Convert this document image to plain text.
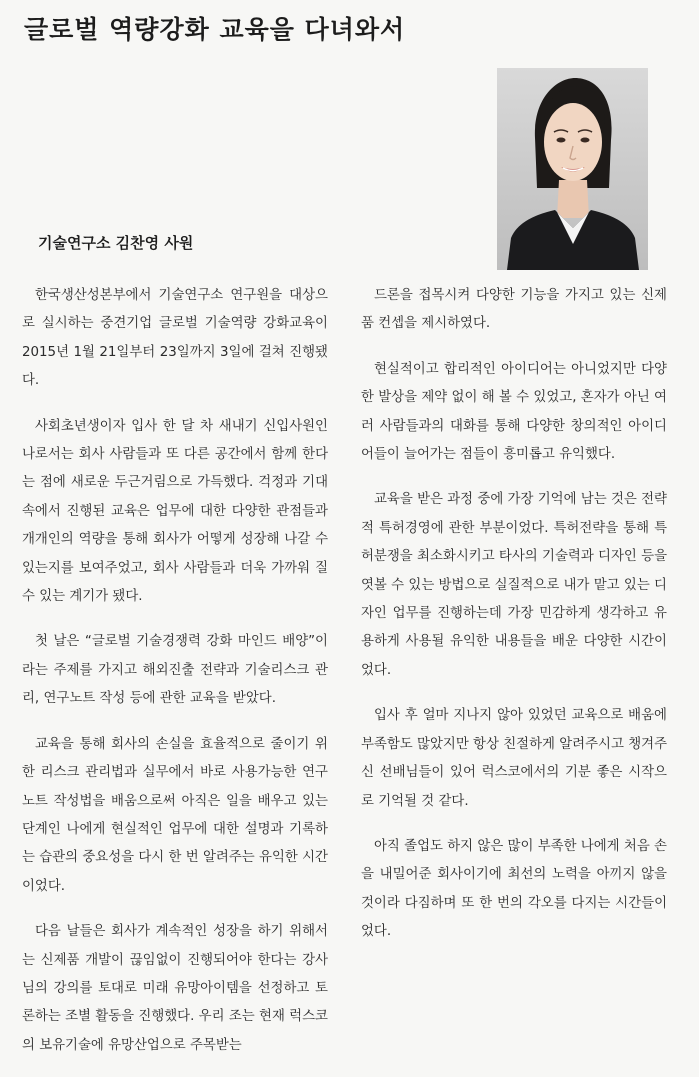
글로벌 역량강화 교육을 다녀와서
기술연구소 김찬영 사원

한국생산성본부에서 기술연구소 연구원을 대상으로 실시하는 중견기업 글로벌 기술역량 강화교육이 2015년 1월 21일부터 23일까지 3일에 걸쳐 진행됐다.

사회초년생이자 입사 한 달 차 새내기 신입사원인 나로서는 회사 사람들과 또 다른 공간에서 함께 한다는 점에 새로운 두근거림으로 가득했다. 걱정과 기대 속에서 진행된 교육은 업무에 대한 다양한 관점들과 개개인의 역량을 통해 회사가 어떻게 성장해 나갈 수 있는지를 보여주었고, 회사 사람들과 더욱 가까워 질 수 있는 계기가 됐다.

첫 날은 “글로벌 기술경쟁력 강화 마인드 배양”이라는 주제를 가지고 해외진출 전략과 기술리스크 관리, 연구노트 작성 등에 관한 교육을 받았다.

교육을 통해 회사의 손실을 효율적으로 줄이기 위한 리스크 관리법과 실무에서 바로 사용가능한 연구노트 작성법을 배움으로써 아직은 일을 배우고 있는 단계인 나에게 현실적인 업무에 대한 설명과 기록하는 습관의 중요성을 다시 한 번 알려주는 유익한 시간이었다.

다음 날들은 회사가 계속적인 성장을 하기 위해서는 신제품 개발이 끊임없이 진행되어야 한다는 강사님의 강의를 토대로 미래 유망아이템을 선정하고 토론하는 조별 활동을 진행했다. 우리 조는 현재 럭스코의 보유기술에 유망산업으로 주목받는

드론을 접목시켜 다양한 기능을 가지고 있는 신제품 컨셉을 제시하였다.

현실적이고 합리적인 아이디어는 아니었지만 다양한 발상을 제약 없이 해 볼 수 있었고, 혼자가 아닌 여러 사람들과의 대화를 통해 다양한 창의적인 아이디어들이 늘어가는 점들이 흥미롭고 유익했다.

교육을 받은 과정 중에 가장 기억에 남는 것은 전략적 특허경영에 관한 부분이었다. 특허전략을 통해 특허분쟁을 최소화시키고 타사의 기술력과 디자인 등을 엿볼 수 있는 방법으로 실질적으로 내가 맡고 있는 디자인 업무를 진행하는데 가장 민감하게 생각하고 유용하게 사용될 유익한 내용들을 배운 다양한 시간이었다.

입사 후 얼마 지나지 않아 있었던 교육으로 배움에 부족함도 많았지만 항상 친절하게 알려주시고 챙겨주신 선배님들이 있어 럭스코에서의 기분 좋은 시작으로 기억될 것 같다.

아직 졸업도 하지 않은 많이 부족한 나에게 처음 손을 내밀어준 회사이기에 최선의 노력을 아끼지 않을 것이라 다짐하며 또 한 번의 각오를 다지는 시간들이었다.
